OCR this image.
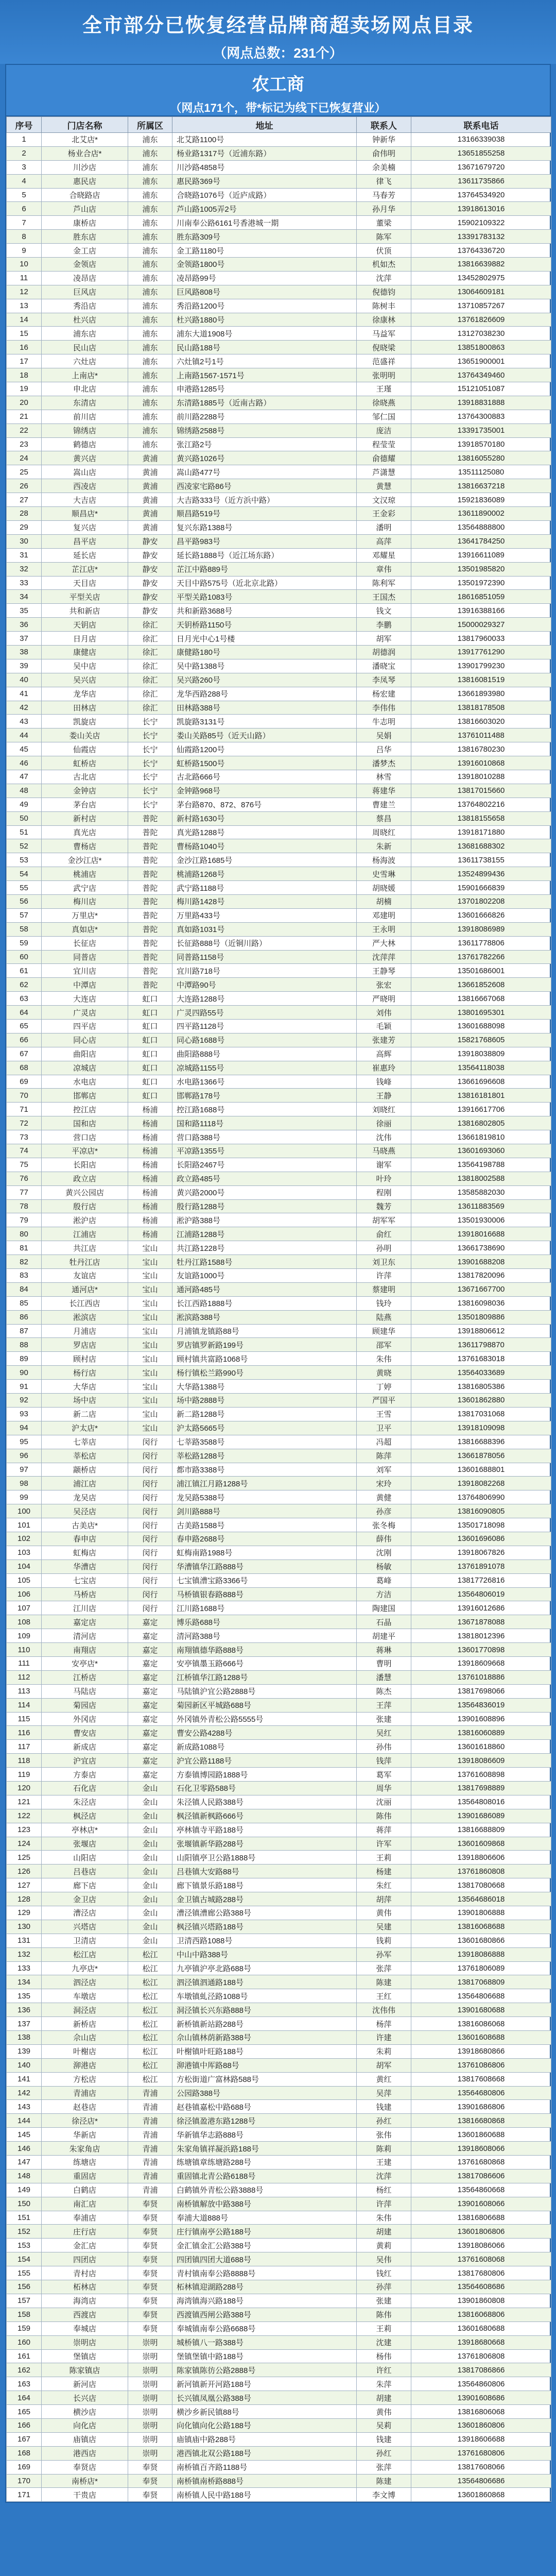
全市部分已恢复经营品牌商超卖场网点目录
（网点总数：231个）
农工商
（网点171个，带*标记为线下已恢复营业）
序号	门店名称	所属区	地址	联系人	联系电话
1	北艾店*	浦东	北艾路1100号	钟新华	13166339038
2	杨业合店*	浦东	杨业路1317号（近浦东路）	俞伟明	13651855258
3	川沙店	浦东	川沙路4858号	余美楠	13671679720
4	惠民店	浦东	惠民路369号	律飞	13611735866
5	合晓路店	浦东	合晓路1076号（近庐成路）	马春芳	13764534920
6	芦山店	浦东	芦山路1005弄2号	孙月华	13918613016
7	康桥店	浦东	川南奉公路6161号香港城一期	董梁	15902109322
8	胜东店	浦东	胜东路309号	陈军	13391783132
9	金工店	浦东	金工路1180号	伏顶	13764336720
10	金领店	浦东	金领路1800号	机如杰	13816639882
11	凌昂店	浦东	凌昂路99号	沈萍	13452802975
12	巨风店	浦东	巨风路808号	倪德钧	13064609181
13	秀沿店	浦东	秀沿路1200号	陈树丰	13710857267
14	杜兴店	浦东	杜兴路1880号	徐康林	13761826609
15	浦东店	浦东	浦东大道1908号	马益军	13127038230
16	民山店	浦东	民山路188号	倪晓梁	13851800863
17	六灶店	浦东	六灶镇2号1号	范盛祥	13651900001
18	上南店*	浦东	上南路1567-1571号	张明明	13764349460
19	申北店	浦东	申港路1285号	王瑾	15121051087
20	东清店	浦东	东清路1885号（近南古路）	徐晓燕	13918831888
21	前川店	浦东	前川路2288号	邹仁国	13764300883
22	锦绣店	浦东	锦绣路2588号	庞洁	13391735001
23	鹤德店	浦东	张江路2号	程莹莹	13918570180
24	黄兴店	黄浦	黄兴路1026号	俞德耀	13816055280
25	嵩山店	黄浦	嵩山路477号	芦潇慧	13511125080
26	西凌店	黄浦	西凌家宅路86号	黄慧	13816637218
27	大吉店	黄浦	大吉路333号（近方浜中路）	文汉琼	15921836089
28	顺昌店*	黄浦	顺昌路519号	王金彩	13611890002
29	复兴店	黄浦	复兴东路1388号	潘明	13564888800
30	昌平店	静安	昌平路983号	高萍	13641784250
31	延长店	静安	延长路1888号（近江场东路）	邓耀星	13916611089
32	芷江店*	静安	芷江中路889号	章伟	13501985820
33	天目店	静安	天目中路575号（近北京北路）	陈利军	13501972390
34	平型关店	静安	平型关路1083号	王国杰	18616851059
35	共和新店	静安	共和新路3688号	钱文	13916388166
36	天钥店	徐汇	天钥桥路1150号	李鹏	15000029327
37	日月店	徐汇	日月光中心1号楼	胡军	13817960033
38	康健店	徐汇	康健路180号	胡德润	13917761290
39	吴中店	徐汇	吴中路1388号	潘晓宝	13901799230
40	吴兴店	徐汇	吴兴路260号	李凤琴	13816081519
41	龙华店	徐汇	龙华西路288号	杨宏建	13661893980
42	田林店	徐汇	田林路388号	李伟伟	13818178508
43	凯旋店	长宁	凯旋路3131号	牛志明	13816603020
44	娄山关店	长宁	娄山关路85号（近天山路）	吴娟	13761011488
45	仙霞店	长宁	仙霞路1200号	吕华	13816780230
46	虹桥店	长宁	虹桥路1500号	潘梦杰	13916010868
47	古北店	长宁	古北路666号	林雪	13918010288
48	金钟店	长宁	金钟路968号	蒋建华	13817015660
49	茅台店	长宁	茅台路870、872、876号	曹建兰	13764802216
50	新村店	普陀	新村路1630号	蔡昌	13818155658
51	真光店	普陀	真光路1288号	周晓红	13918171880
52	曹杨店	普陀	曹杨路1040号	朱新	13681688302
53	金沙江店*	普陀	金沙江路1685号	杨海波	13611738155
54	桃浦店	普陀	桃浦路1268号	史雪琳	13524899436
55	武宁店	普陀	武宁路1188号	胡晓媛	15901666839
56	梅川店	普陀	梅川路1428号	胡楠	13701802208
57	万里店*	普陀	万里路433号	邓建明	13601666826
58	真如店*	普陀	真如路1031号	王永明	13918086989
59	长征店	普陀	长征路888号（近铜川路）	严大林	13611778806
60	同普店	普陀	同普路1158号	沈萍萍	13761782266
61	宜川店	普陀	宜川路718号	王静琴	13501686001
62	中潭店	普陀	中潭路90号	张宏	13661852608
63	大连店	虹口	大连路1288号	严晓明	13816667068
64	广灵店	虹口	广灵四路55号	刘伟	13801695301
65	四平店	虹口	四平路1128号	毛颖	13601688098
66	同心店	虹口	同心路1688号	张建芳	15821768605
67	曲阳店	虹口	曲阳路888号	高辉	13918038809
68	凉城店	虹口	凉城路1155号	崔惠玲	13564118038
69	水电店	虹口	水电路1366号	钱峰	13661696608
70	邯郸店	虹口	邯郸路178号	王静	13816181801
71	控江店	杨浦	控江路1688号	刘晓红	13916617706
72	国和店	杨浦	国和路1118号	徐丽	13816802805
73	营口店	杨浦	营口路388号	沈伟	13661819810
74	平凉店*	杨浦	平凉路1355号	马晓燕	13601693060
75	长阳店	杨浦	长阳路2467号	谢军	13564198788
76	政立店	杨浦	政立路485号	叶玲	13818002588
77	黄兴公园店	杨浦	黄兴路2000号	程刚	13585882030
78	殷行店	杨浦	殷行路1288号	魏芳	13611883569
79	淞沪店	杨浦	淞沪路388号	胡军军	13501930006
80	江浦店	杨浦	江浦路1288号	俞红	13918016688
81	共江店	宝山	共江路1228号	孙明	13661738690
82	牡丹江店	宝山	牡丹江路1588号	刘卫东	13901688208
83	友谊店	宝山	友谊路1000号	许萍	13817820096
84	通河店*	宝山	通河路485号	蔡建明	13671667700
85	长江西店	宝山	长江西路1888号	钱玲	13816098036
86	淞滨店	宝山	淞滨路388号	陆燕	13501809886
87	月浦店	宝山	月浦镇龙镇路88号	顾建华	13918806612
88	罗店店	宝山	罗店镇罗新路199号	邵军	13611798870
89	顾村店	宝山	顾村镇共富路1068号	朱伟	13761683018
90	杨行店	宝山	杨行镇松兰路990号	黄晓	13564033689
91	大华店	宝山	大华路1388号	丁婷	13816805386
92	场中店	宝山	场中路2888号	严国平	13601862880
93	新二店	宝山	新二路1288号	王雪	13817031068
94	沪太店*	宝山	沪太路5665号	卫平	13918109098
95	七莘店	闵行	七莘路3588号	冯超	13816688396
96	莘松店	闵行	莘松路1288号	陈萍	13661878056
97	颛桥店	闵行	都市路3388号	刘军	13601688801
98	浦江店	闵行	浦江镇江月路1288号	宋玲	13918082268
99	龙吴店	闵行	龙吴路5388号	黄健	13764806990
100	吴泾店	闵行	剑川路888号	孙彦	13816090805
101	古美店*	闵行	古美路1588号	张冬梅	13501718098
102	春申店	闵行	春申路2688号	薛伟	13601696086
103	虹梅店	闵行	虹梅南路1988号	沈刚	13918067826
104	华漕店	闵行	华漕镇华江路888号	杨敏	13761891078
105	七宝店	闵行	七宝镇漕宝路3366号	葛峰	13817726816
106	马桥店	闵行	马桥镇银春路888号	方洁	13564806019
107	江川店	闵行	江川路1688号	陶建国	13916012686
108	嘉定店	嘉定	博乐路688号	石晶	13671878088
109	清河店	嘉定	清河路388号	胡建平	13818012396
110	南翔店	嘉定	南翔镇德华路888号	蒋琳	13601770898
111	安亭店*	嘉定	安亭镇墨玉路666号	曹明	13918609668
112	江桥店	嘉定	江桥镇华江路1288号	潘慧	13761018886
113	马陆店	嘉定	马陆镇沪宜公路2888号	陈杰	13817698066
114	菊园店	嘉定	菊园新区平城路688号	王萍	13564836019
115	外冈店	嘉定	外冈镇外青松公路5555号	张建	13901608896
116	曹安店	嘉定	曹安公路4288号	吴红	13816060889
117	新成店	嘉定	新成路1088号	孙伟	13601618860
118	沪宜店	嘉定	沪宜公路1188号	钱萍	13918086609
119	方泰店	嘉定	方泰镇博园路1888号	葛军	13761608898
120	石化店	金山	石化卫零路588号	周华	13817698889
121	朱泾店	金山	朱泾镇人民路388号	沈丽	13564808016
122	枫泾店	金山	枫泾镇新枫路666号	陈伟	13901686089
123	亭林店*	金山	亭林镇寺平路188号	蒋萍	13816688809
124	张堰店	金山	张堰镇新华路288号	许军	13601609868
125	山阳店	金山	山阳镇亭卫公路1888号	王莉	13918806606
126	吕巷店	金山	吕巷镇大安路88号	杨建	13761860808
127	廊下店	金山	廊下镇景乐路188号	朱红	13817080668
128	金卫店	金山	金卫镇古城路288号	胡萍	13564686018
129	漕泾店	金山	漕泾镇漕廊公路388号	黄伟	13901806888
130	兴塔店	金山	枫泾镇兴塔路188号	吴建	13816068688
131	卫清店	金山	卫清西路1088号	钱莉	13601680866
132	松江店	松江	中山中路388号	孙军	13918086888
133	九亭店*	松江	九亭镇沪亭北路688号	张萍	13761806089
134	泗泾店	松江	泗泾镇泗通路188号	陈建	13817068809
135	车墩店	松江	车墩镇虬泾路1088号	王红	13564806688
136	洞泾店	松江	洞泾镇长兴东路888号	沈伟伟	13901680688
137	新桥店	松江	新桥镇新站路288号	杨萍	13816086068
138	佘山店	松江	佘山镇林荫新路388号	许建	13601608688
139	叶榭店	松江	叶榭镇叶旺路188号	朱莉	13918680866
140	泖港店	松江	泖港镇中厍路88号	胡军	13761086806
141	方松店	松江	方松街道广富林路588号	黄红	13817608668
142	青浦店	青浦	公园路388号	吴萍	13564680806
143	赵巷店	青浦	赵巷镇嘉松中路688号	钱建	13901686806
144	徐泾店*	青浦	徐泾镇盈港东路1288号	孙红	13816680868
145	华新店	青浦	华新镇华志路888号	张伟	13601860688
146	朱家角店	青浦	朱家角镇祥凝浜路188号	陈莉	13918608066
147	练塘店	青浦	练塘镇章练塘路288号	王建	13761680868
148	重固店	青浦	重固镇北青公路6188号	沈萍	13817086606
149	白鹤店	青浦	白鹤镇外青松公路3888号	杨红	13564860668
150	南汇店	奉贤	南桥镇解放中路388号	许萍	13901608066
151	奉浦店	奉贤	奉浦大道888号	朱伟	13816806688
152	庄行店	奉贤	庄行镇南亭公路188号	胡建	13601806806
153	金汇店	奉贤	金汇镇金汇公路388号	黄莉	13918086066
154	四团店	奉贤	四团镇四团大道688号	吴伟	13761608068
155	青村店	奉贤	青村镇南奉公路8888号	钱红	13817680806
156	柘林店	奉贤	柘林镇迎湖路288号	孙萍	13564608686
157	海湾店	奉贤	海湾镇海兴路188号	张建	13901860808
158	西渡店	奉贤	西渡镇西闸公路388号	陈伟	13816068806
159	奉城店	奉贤	奉城镇南奉公路6688号	王莉	13601680688
160	崇明店	崇明	城桥镇八一路388号	沈建	13918680668
161	堡镇店	崇明	堡镇堡镇中路188号	杨伟	13761806808
162	陈家镇店	崇明	陈家镇陈彷公路2888号	许红	13817086866
163	新河店	崇明	新河镇新开河路188号	朱萍	13564860806
164	长兴店	崇明	长兴镇凤凰公路388号	胡建	13901608686
165	横沙店	崇明	横沙乡新民镇88号	黄伟	13816806068
166	向化店	崇明	向化镇向化公路188号	吴莉	13601860806
167	庙镇店	崇明	庙镇庙中路288号	钱建	13918606688
168	港西店	崇明	港西镇北双公路188号	孙红	13761680806
169	奉贤店	奉贤	南桥镇百齐路1188号	张萍	13817608066
170	南桥店*	奉贤	南桥镇南桥路888号	陈建	13564806686
171	干贵店	奉贤	南桥镇人民中路188号	李文博	13601860868
